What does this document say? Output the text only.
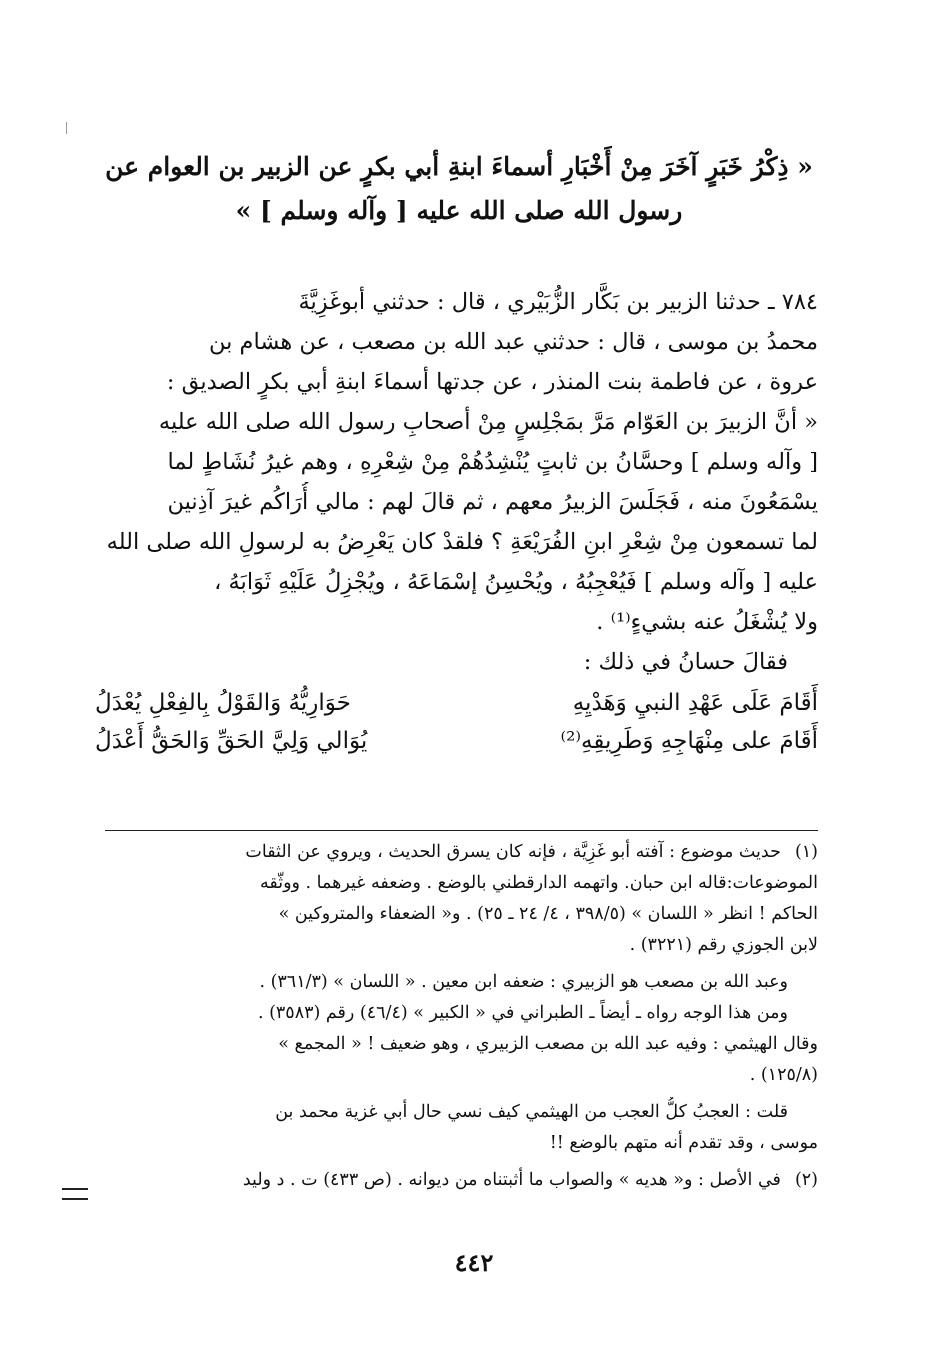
« ذِكْرُ خَبَرٍ آخَرَ مِنْ أَخْبَارِ أسماءَ ابنةِ أبي بكرٍ عن الزبير بن العوام عن
رسول الله صلى الله عليه [ وآله وسلم ] »
٧٨٤ ـ حدثنا الزبير بن بَكَّار الزُّبَيْري ، قال : حدثني أبوغَزِيَّةَ
محمدُ بن موسى ، قال : حدثني عبد الله بن مصعب ، عن هشام بن
عروة ، عن فاطمة بنت المنذر ، عن جدتها أسماءَ ابنةِ أبي بكرٍ الصديق :
« أنَّ الزبيرَ بن العَوّام مَرَّ بمَجْلِسٍ مِنْ أصحابِ رسول الله صلى الله عليه
[ وآله وسلم ] وحسَّانُ بن ثابتٍ يُنْشِدُهُمْ مِنْ شِعْرِهِ ، وهم غيرُ نُشَاطٍ لما
يسْمَعُونَ منه ، فَجَلَسَ الزبيرُ معهم ، ثم قالَ لهم : مالي أُرَاكُم غيرَ آذِنين
لما تسمعون مِنْ شِعْرِ ابنِ الفُرَيْعَةِ ؟ فلقدْ كان يَعْرِضُ به لرسولِ الله صلى الله
عليه [ وآله وسلم ] فَيُعْجِبُهُ ، ويُحْسِنُ إسْمَاعَهُ ، ويُجْزِلُ عَلَيْهِ ثَوَابَهُ ،
ولا يُشْغَلُ عنه بشيءٍ⁽¹⁾ .
فقالَ حسانُ في ذلك :
أَقَامَ عَلَى عَهْدِ النبيِ وَهَدْيِهِ
حَوَارِيُّهُ وَالقَوْلُ بِالفِعْلِ يُعْدَلُ
أَقَامَ على مِنْهَاجِهِ وَطَرِيقِهِ⁽²⁾
يُوَالي وَلِيَّ الحَقِّ وَالحَقُّ أَعْدَلُ
(١)حديث موضوع : آفته أبو غَزِيَّة ، فإنه كان يسرق الحديث ، ويروي عن الثقات
الموضوعات:قاله ابن حبان. واتهمه الدارقطني بالوضع . وضعفه غيرهما . ووثّقه
الحاكم ! انظر « اللسان » (٣٩٨/٥ ، ٤/ ٢٤ ـ ٢٥) . و« الضعفاء والمتروكين »
لابن الجوزي رقم (٣٢٢١) .
وعبد الله بن مصعب هو الزبيري : ضعفه ابن معين . « اللسان » (٣٦١/٣) .
ومن هذا الوجه رواه ـ أيضاً ـ الطبراني في « الكبير » (٤٦/٤) رقم (٣٥٨٣) .
وقال الهيثمي : وفيه عبد الله بن مصعب الزبيري ، وهو ضعيف ! « المجمع »
(١٢٥/٨) .
قلت : العجبُ كلُّ العجب من الهيثمي كيف نسي حال أبي غزية محمد بن
موسى ، وقد تقدم أنه متهم بالوضع !!
(٢)في الأصل : و« هديه » والصواب ما أثبتناه من ديوانه . (ص ٤٣٣) ت . د وليد
٤٤٢
